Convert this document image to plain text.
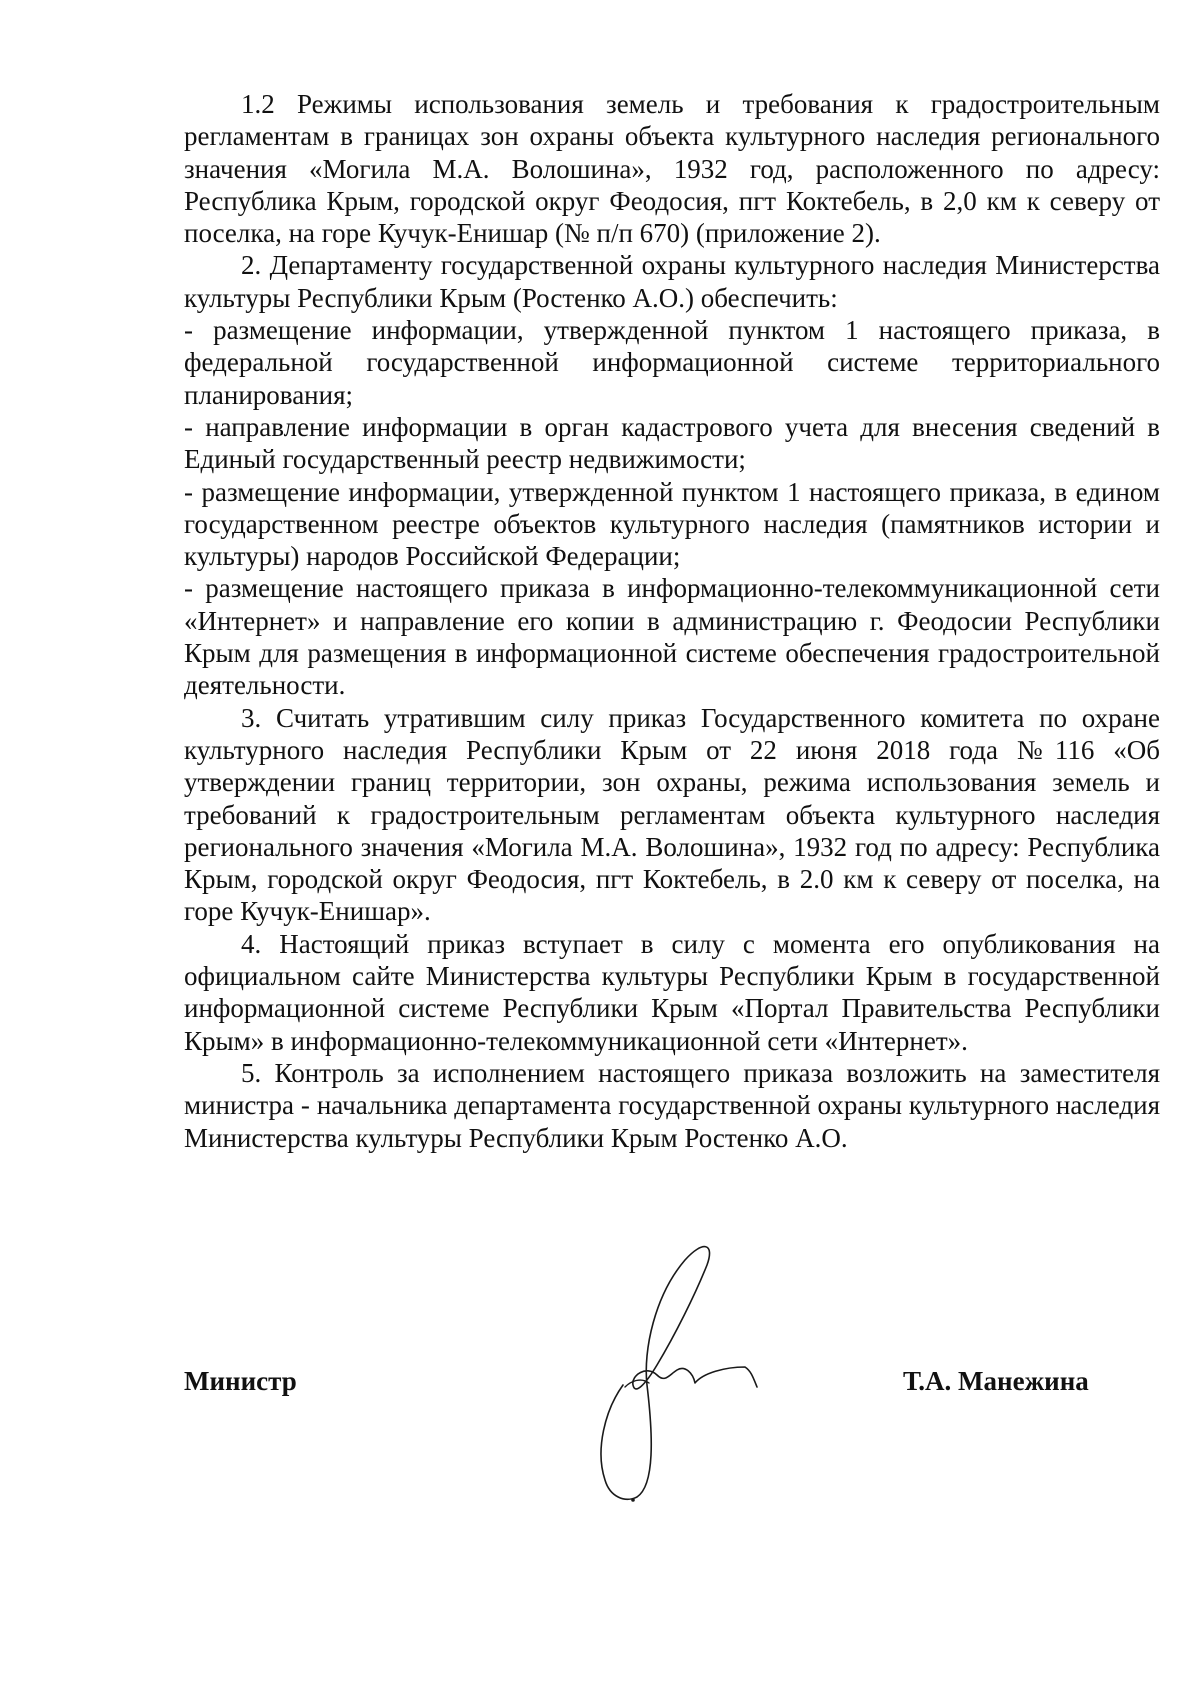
1.2 Режимы использования земель и требования к градостроительным регламентам в границах зон охраны объекта культурного наследия регионального значения «Могила М.А. Волошина», 1932 год, расположенного по адресу: Республика Крым, городской округ Феодосия, пгт Коктебель, в 2,0 км к северу от поселка, на горе Кучук-Енишар (№ п/п 670) (приложение 2).

2. Департаменту государственной охраны культурного наследия Министерства культуры Республики Крым (Ростенко А.О.) обеспечить:

- размещение информации, утвержденной пунктом 1 настоящего приказа, в федеральной государственной информационной системе территориального планирования;

- направление информации в орган кадастрового учета для внесения сведений в Единый государственный реестр недвижимости;

- размещение информации, утвержденной пунктом 1 настоящего приказа, в едином государственном реестре объектов культурного наследия (памятников истории и культуры) народов Российской Федерации;

- размещение настоящего приказа в информационно-телекоммуникационной сети «Интернет» и направление его копии в администрацию г. Феодосии Республики Крым для размещения в информационной системе обеспечения градостроительной деятельности.

3. Считать утратившим силу приказ Государственного комитета по охране культурного наследия Республики Крым от 22 июня 2018 года №116 «Об утверждении границ территории, зон охраны, режима использования земель и требований к градостроительным регламентам объекта культурного наследия регионального значения «Могила М.А. Волошина», 1932 год по адресу: Республика Крым, городской округ Феодосия, пгт Коктебель, в 2.0 км к северу от поселка, на горе Кучук-Енишар».

4. Настоящий приказ вступает в силу с момента его опубликования на официальном сайте Министерства культуры Республики Крым в государственной информационной системе Республики Крым «Портал Правительства Республики Крым» в информационно-телекоммуникационной сети «Интернет».

5. Контроль за исполнением настоящего приказа возложить на заместителя министра - начальника департамента государственной охраны культурного наследия Министерства культуры Республики Крым Ростенко А.О.

Министр	Т.А. Манежина
